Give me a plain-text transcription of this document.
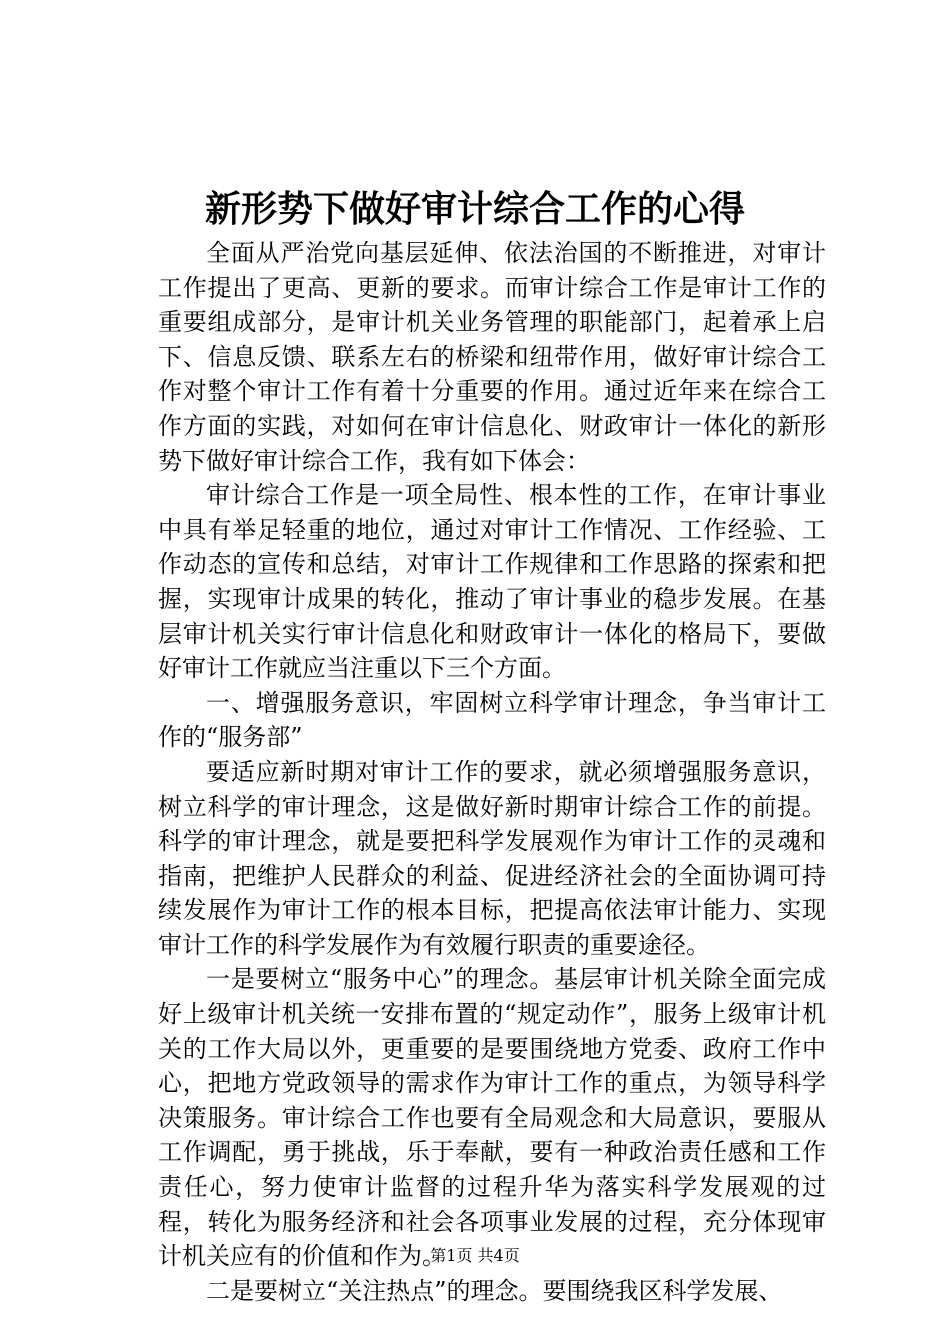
新形势下做好审计综合工作的心得

全面从严治党向基层延伸、依法治国的不断推进，对审计工作提出了更高、更新的要求。而审计综合工作是审计工作的重要组成部分，是审计机关业务管理的职能部门，起着承上启下、信息反馈、联系左右的桥梁和纽带作用，做好审计综合工作对整个审计工作有着十分重要的作用。通过近年来在综合工作方面的实践，对如何在审计信息化、财政审计一体化的新形势下做好审计综合工作，我有如下体会：

审计综合工作是一项全局性、根本性的工作，在审计事业中具有举足轻重的地位，通过对审计工作情况、工作经验、工作动态的宣传和总结，对审计工作规律和工作思路的探索和把握，实现审计成果的转化，推动了审计事业的稳步发展。在基层审计机关实行审计信息化和财政审计一体化的格局下，要做好审计工作就应当注重以下三个方面。

一、增强服务意识，牢固树立科学审计理念，争当审计工作的“服务部”

要适应新时期对审计工作的要求，就必须增强服务意识，树立科学的审计理念，这是做好新时期审计综合工作的前提。科学的审计理念，就是要把科学发展观作为审计工作的灵魂和指南，把维护人民群众的利益、促进经济社会的全面协调可持续发展作为审计工作的根本目标，把提高依法审计能力、实现审计工作的科学发展作为有效履行职责的重要途径。

一是要树立“服务中心”的理念。基层审计机关除全面完成好上级审计机关统一安排布置的“规定动作”，服务上级审计机关的工作大局以外，更重要的是要围绕地方党委、政府工作中心，把地方党政领导的需求作为审计工作的重点，为领导科学决策服务。审计综合工作也要有全局观念和大局意识，要服从工作调配，勇于挑战，乐于奉献，要有一种政治责任感和工作责任心，努力使审计监督的过程升华为落实科学发展观的过程，转化为服务经济和社会各项事业发展的过程，充分体现审计机关应有的价值和作为。

二是要树立“关注热点”的理念。要围绕我区科学发展、

第1页 共4页
